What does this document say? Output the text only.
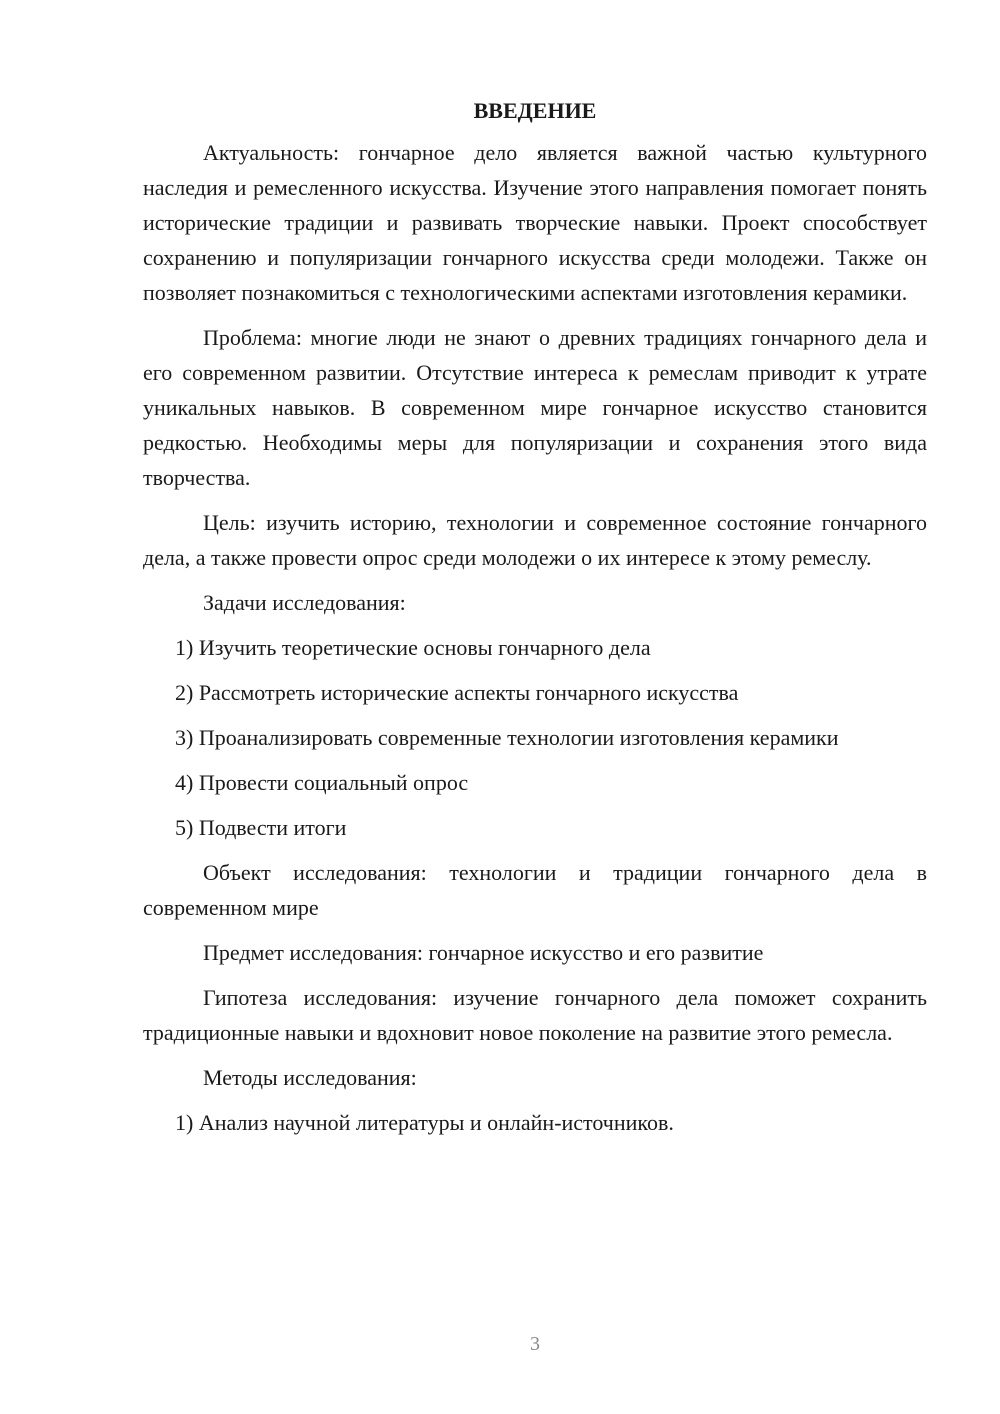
ВВЕДЕНИЕ
Актуальность: гончарное дело является важной частью культурного наследия и ремесленного искусства. Изучение этого направления помогает понять исторические традиции и развивать творческие навыки. Проект способствует сохранению и популяризации гончарного искусства среди молодежи. Также он позволяет познакомиться с технологическими аспектами изготовления керамики.
Проблема: многие люди не знают о древних традициях гончарного дела и его современном развитии. Отсутствие интереса к ремеслам приводит к утрате уникальных навыков. В современном мире гончарное искусство становится редкостью. Необходимы меры для популяризации и сохранения этого вида творчества.
Цель: изучить историю, технологии и современное состояние гончарного дела, а также провести опрос среди молодежи о их интересе к этому ремеслу.
Задачи исследования:
1) Изучить теоретические основы гончарного дела
2) Рассмотреть исторические аспекты гончарного искусства
3) Проанализировать современные технологии изготовления керамики
4) Провести социальный опрос
5) Подвести итоги
Объект исследования: технологии и традиции гончарного дела в современном мире
Предмет исследования: гончарное искусство и его развитие
Гипотеза исследования: изучение гончарного дела поможет сохранить традиционные навыки и вдохновит новое поколение на развитие этого ремесла.
Методы исследования:
1) Анализ научной литературы и онлайн-источников.
3
